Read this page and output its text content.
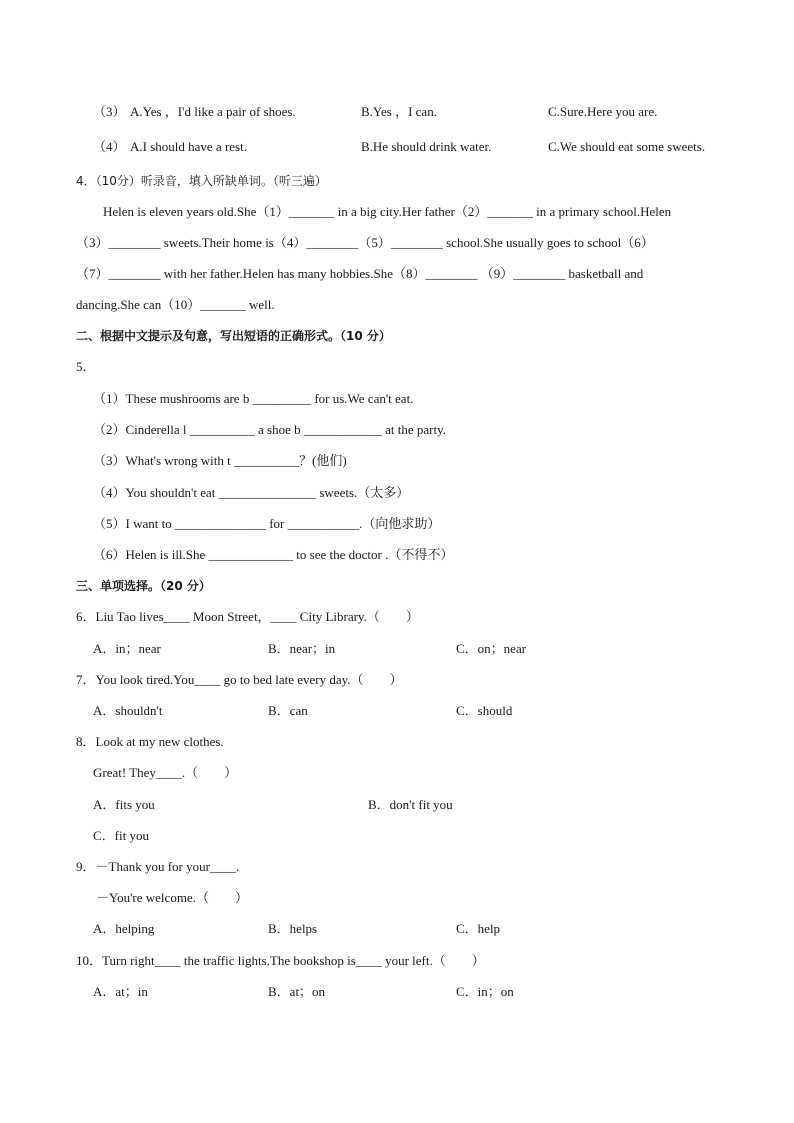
（3） A.Yes ，I'd like a pair of shoes.	B.Yes ，I can.	C.Sure.Here you are.
（4） A.I should have a rest.	B.He should drink water.	C.We should eat some sweets.
4．（10分）听录音，填入所缺单词。（听三遍）
Helen is eleven years old.She（1）_______ in a big city.Her father（2）_______ in a primary school.Helen
（3）________ sweets.Their home is（4）________（5）________ school.She usually goes to school（6）
（7）________ with her father.Helen has many hobbies.She（8）________ （9）________ basketball and
dancing.She can（10）_______ well.
二、根据中文提示及句意，写出短语的正确形式。（10 分）
5．
（1）These mushrooms are b _________ for us.We can't eat.
（2）Cinderella l __________ a shoe b ____________ at the party.
（3）What's wrong with t __________？(他们)
（4）You shouldn't eat _______________ sweets.（太多）
（5）I want to ______________ for ___________.（向他求助）
（6）Helen is ill.She _____________ to see the doctor .（不得不）
三、单项选择。（20 分）
6．Liu Tao lives____ Moon Street，____ City Library.（　　）
A．in；near	B．near；in	C．on；near
7．You look tired.You____ go to bed late every day.（　　）
A．shouldn't	B．can	C．should
8．Look at my new clothes.
Great! They____.（　　）
A．fits you	B．don't fit you
C．fit you
9．－Thank you for your____.
－You're welcome.（　　）
A．helping	B．helps	C．help
10．Turn right____ the traffic lights.The bookshop is____ your left.（　　）
A．at；in	B．at；on	C．in；on
